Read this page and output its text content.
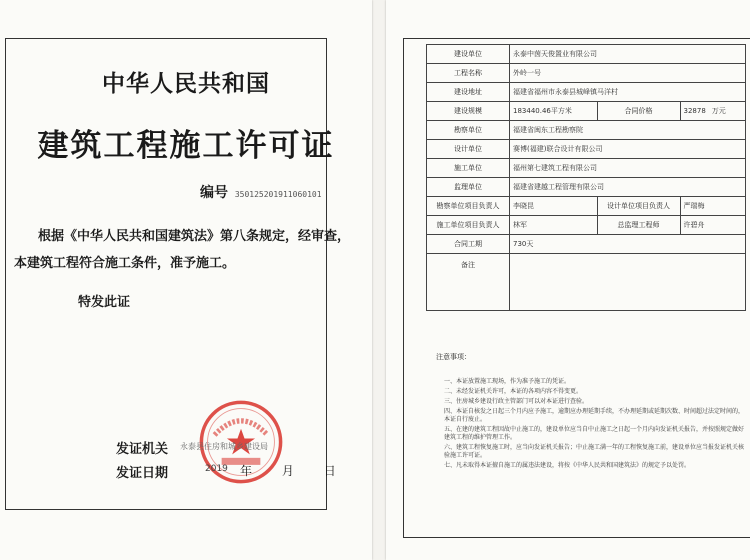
中华人民共和国
建筑工程施工许可证
编号 350125201911060101
根据《中华人民共和国建筑法》第八条规定，经审查，
本建筑工程符合施工条件，准予施工。
特发此证
发证机关 永泰县住房和城乡建设局
发证日期	2019 年 月 日
建设单位	永泰中茵天俊置业有限公司		
工程名称	外岭一号		
建设地址	福建省福州市永泰县城峰镇马洋村		
建设规模	183440.46平方米	合同价格	32878 万元
勘察单位	福建省闽东工程勘察院		
设计单位	赛博(福建)联合设计有限公司		
施工单位	福州第七建筑工程有限公司		
监理单位	福建省建越工程管理有限公司		
勘察单位项目负责人	李晓昆	设计单位项目负责人	严瑞梅
施工单位项目负责人	林军	总监理工程师	许碧舟
合同工期	730天		
备注			
注意事项：
一、本证放置施工现场，作为准予施工的凭证。
二、未经发证机关许可，本证的各项内容不得变更。
三、住房城乡建设行政主管部门可以对本证进行查验。
四、本证自核发之日起三个月内应予施工，逾期应办理延期手续，不办理延期或延期次数、时间超过法定时间的，本证自行废止。
五、在建的建筑工程因故中止施工的，建设单位应当自中止施工之日起一个月内向发证机关报告，并按照规定做好建筑工程的维护管理工作。
六、建筑工程恢复施工时，应当向发证机关报告；中止施工满一年的工程恢复施工前，建设单位应当报发证机关核验施工许可证。
七、凡未取得本证擅自施工的属违法建设，将按《中华人民共和国建筑法》的规定予以处罚。
